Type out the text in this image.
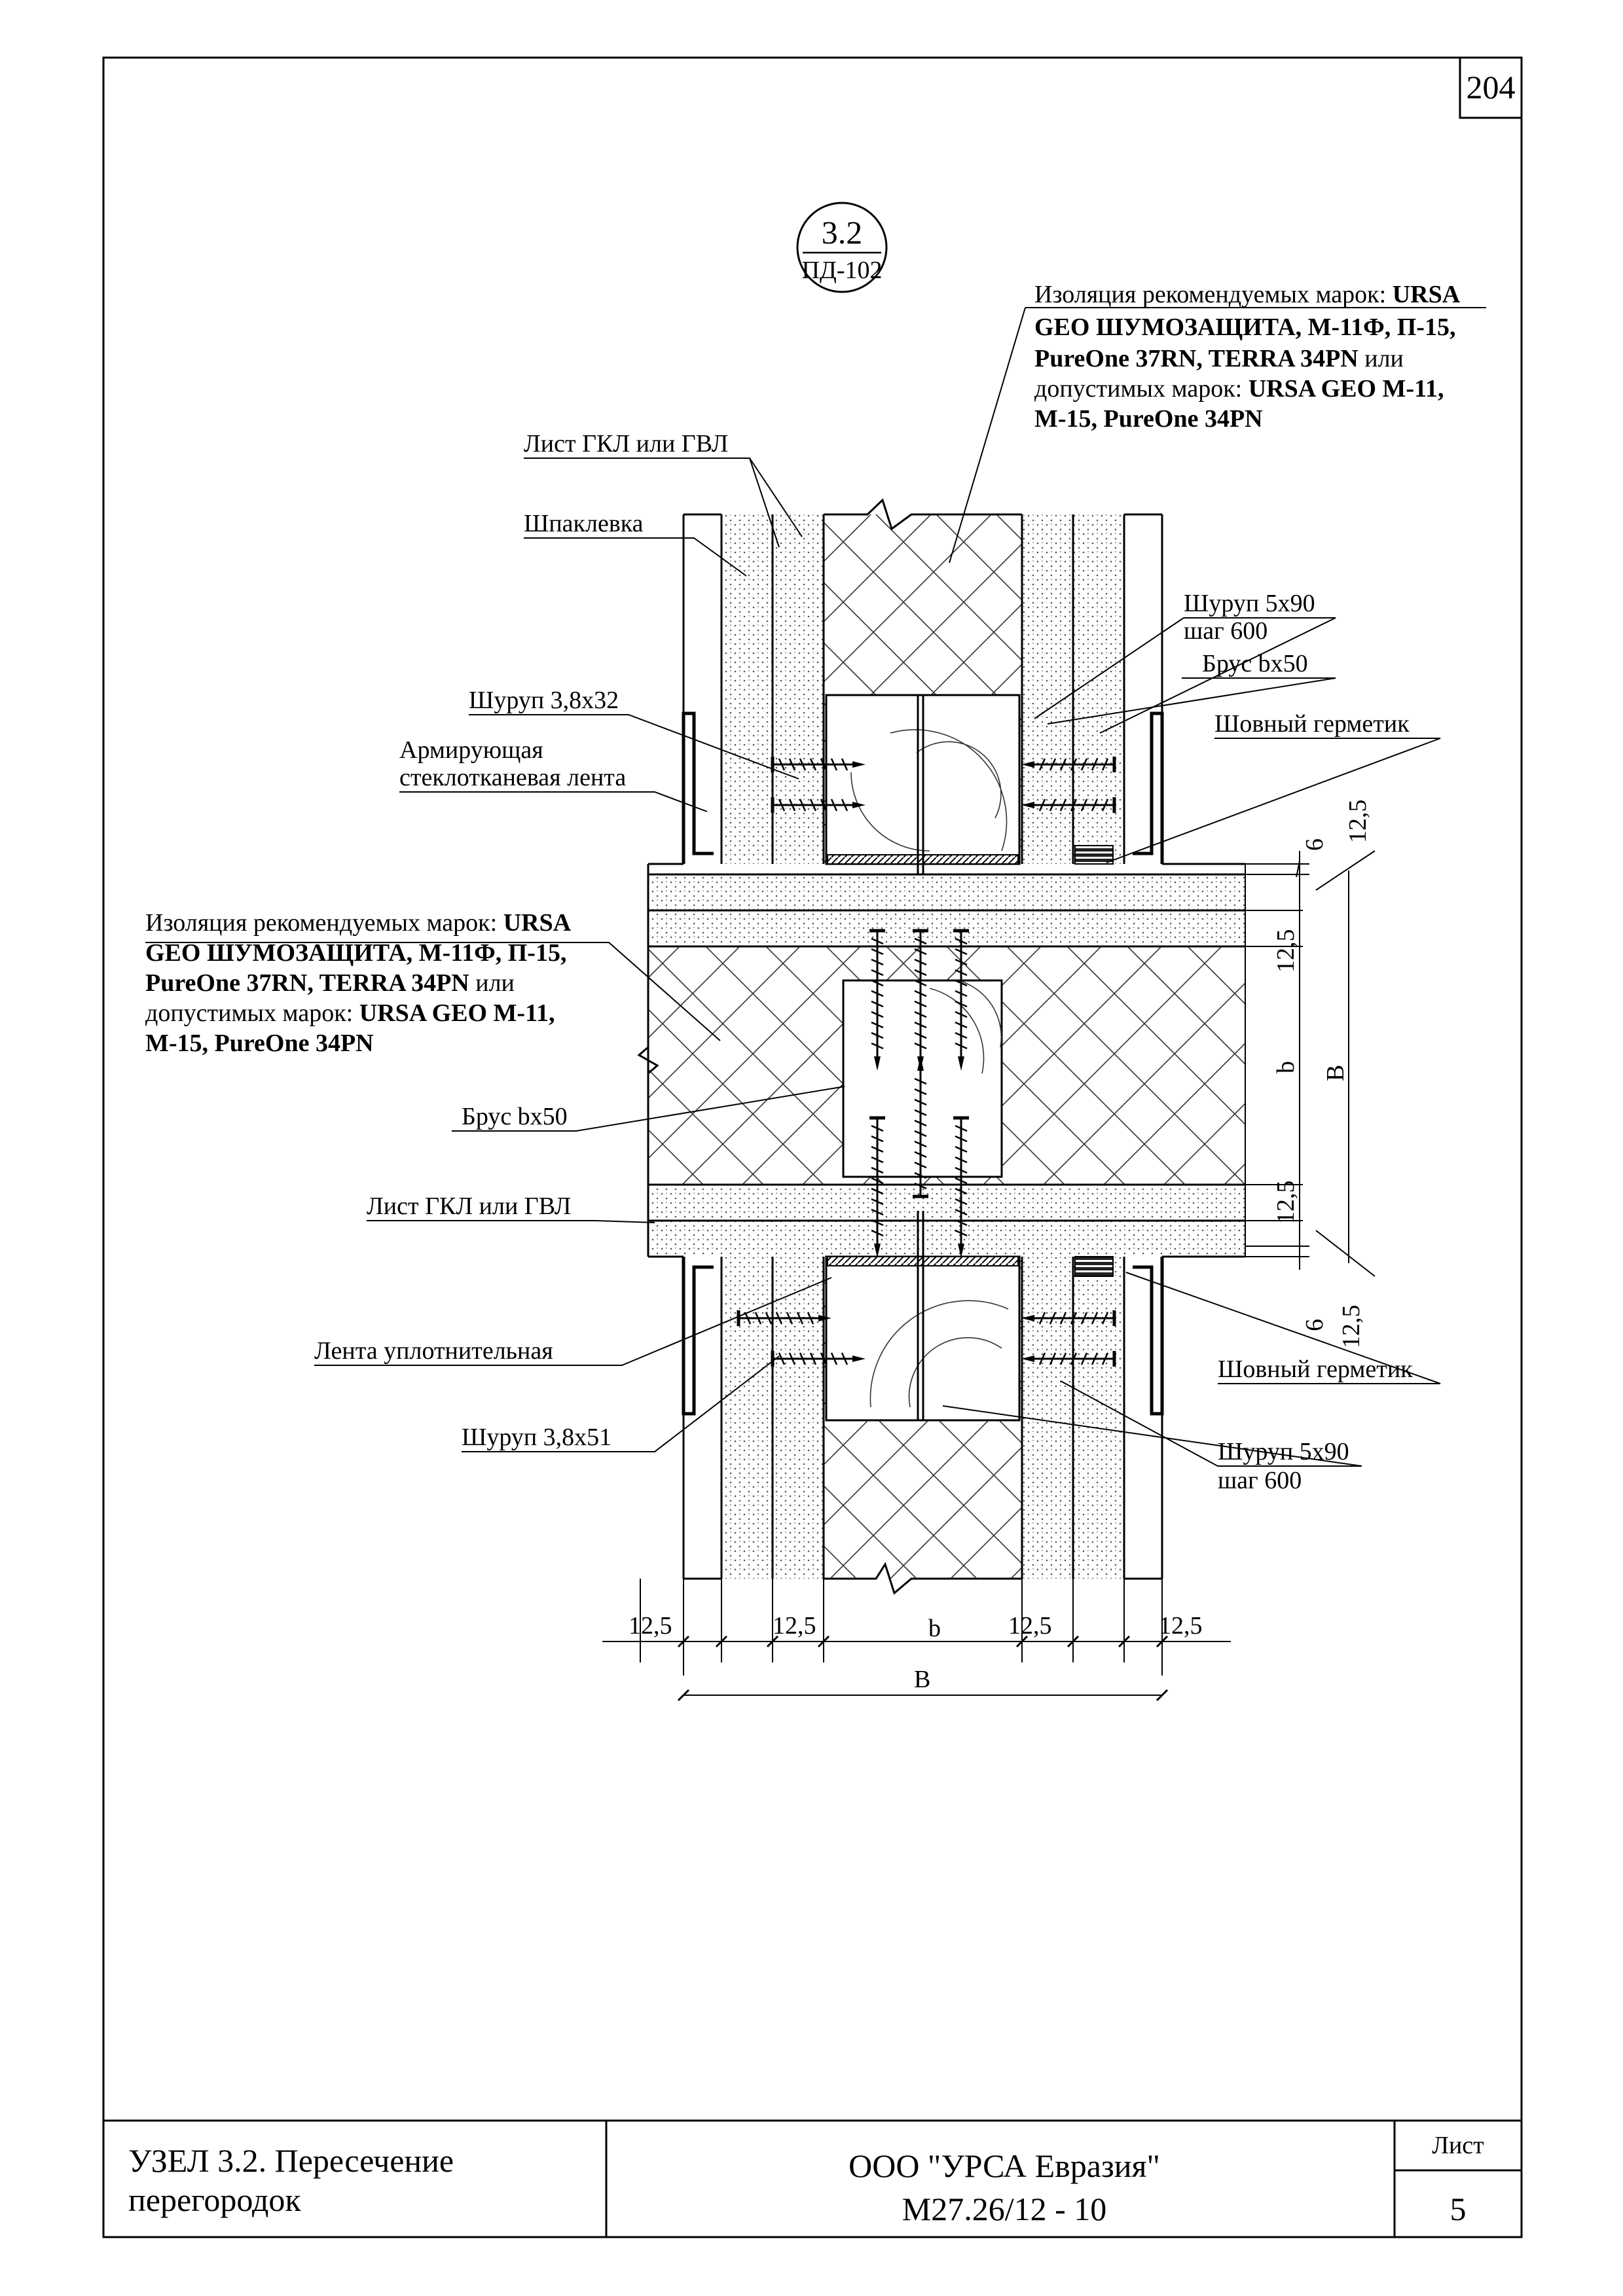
204
3.2
ПД-102
Изоляция рекомендуемых марок: URSA
GEO ШУМОЗАЩИТА, М-11Ф, П-15,
PureOne 37RN, TERRA 34PN или
допустимых марок: URSA GEO М-11,
М-15, PureOne 34PN
Лист ГКЛ или ГВЛ
Шпаклевка
Шуруп 5х90
шаг 600
Брус bх50
Шуруп 3,8х32
Шовный герметик
Армирующая
стеклотканевая лента
Изоляция рекомендуемых марок: URSA
GEO ШУМОЗАЩИТА, М-11Ф, П-15,
PureOne 37RN, TERRA 34PN или
допустимых марок: URSA GEO М-11,
М-15, PureOne 34PN
Брус bх50
Лист ГКЛ или ГВЛ
Лента уплотнительная
Шовный герметик
Шуруп 3,8х51
Шуруп 5х90
шаг 600
6
12,5
12,5
b B
12,5
6 12,5
12,5	12,5	b	12,5	12,5
B
УЗЕЛ 3.2. Пересечение
перегородок
ООО "УРСА Евразия"
М27.26/12 - 10
Лист
5
